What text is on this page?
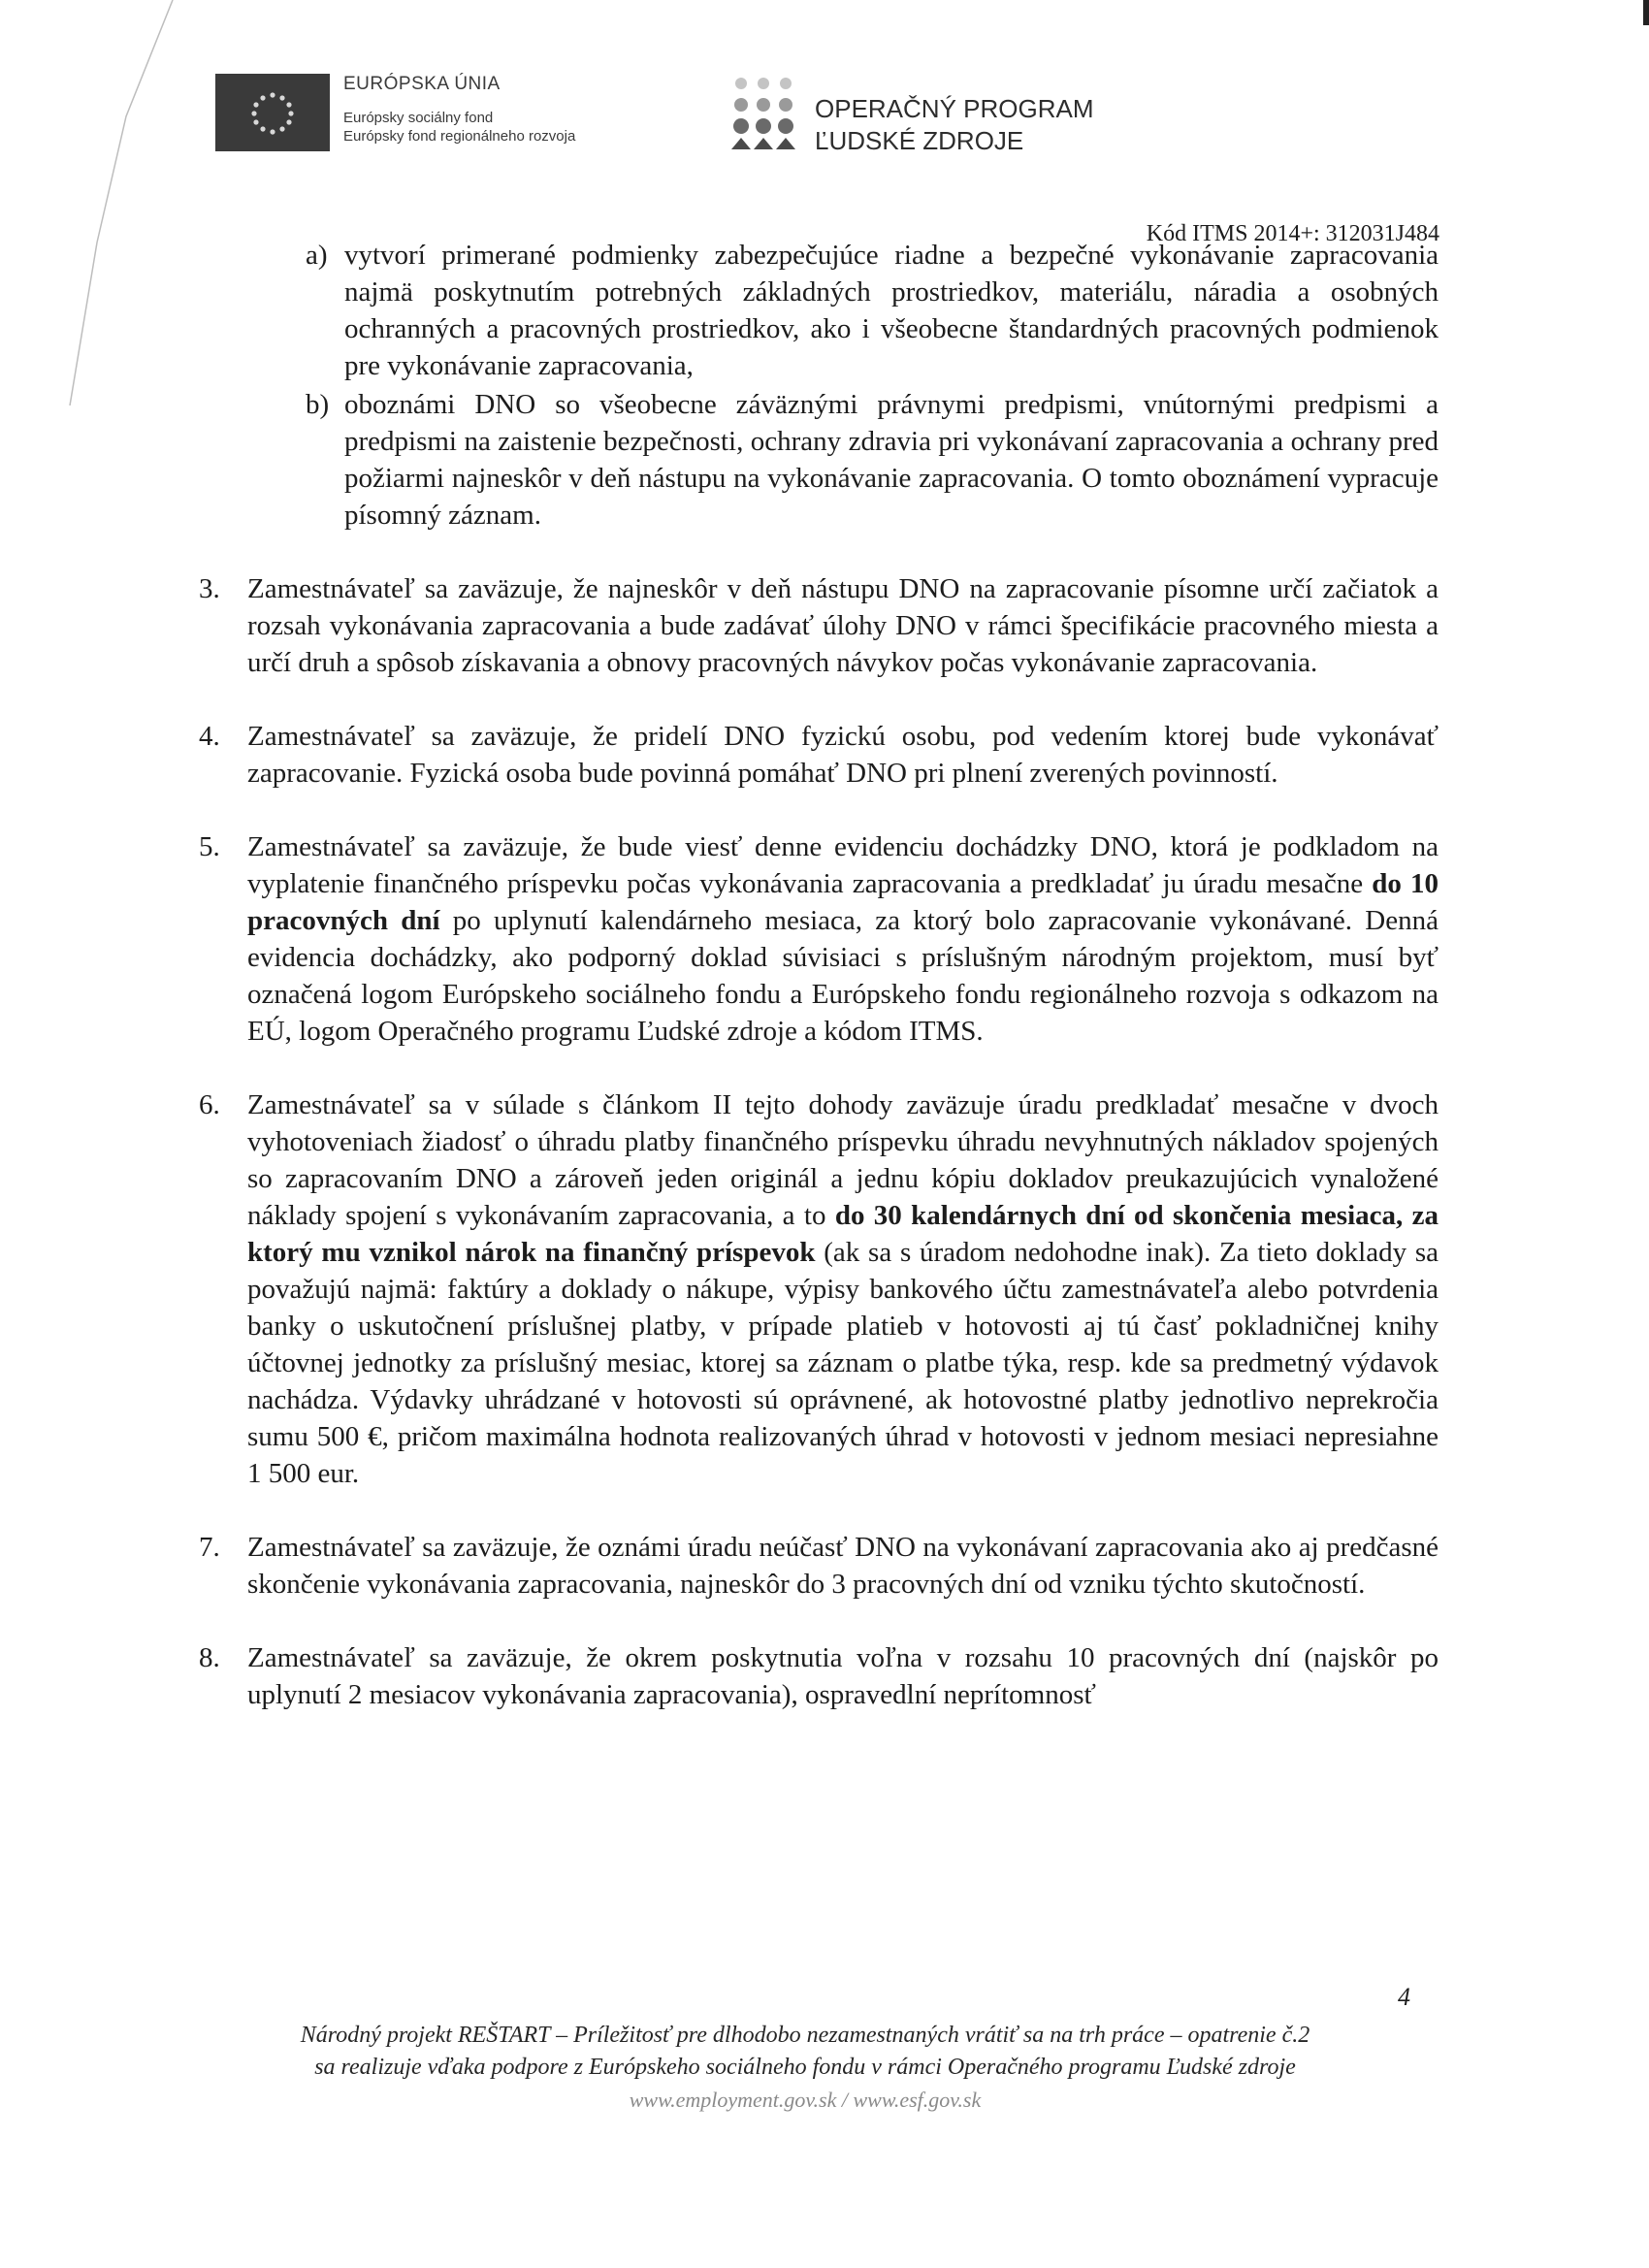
EURÓPSKA ÚNIA
Európsky sociálny fond
Európsky fond regionálneho rozvoja
OPERAČNÝ PROGRAM
ĽUDSKÉ ZDROJE
Kód ITMS 2014+: 312031J484
a) vytvorí primerané podmienky zabezpečujúce riadne a bezpečné vykonávanie zapracovania najmä poskytnutím potrebných základných prostriedkov, materiálu, náradia a osobných ochranných a pracovných prostriedkov, ako i všeobecne štandardných pracovných podmienok pre vykonávanie zapracovania,
b) oboznámi DNO so všeobecne záväznými právnymi predpismi, vnútornými predpismi a predpismi na zaistenie bezpečnosti, ochrany zdravia pri vykonávaní zapracovania a ochrany pred požiarmi najneskôr v deň nástupu na vykonávanie zapracovania. O tomto oboznámení vypracuje písomný záznam.
3. Zamestnávateľ sa zaväzuje, že najneskôr v deň nástupu DNO na zapracovanie písomne určí začiatok a rozsah vykonávania zapracovania a bude zadávať úlohy DNO v rámci špecifikácie pracovného miesta a určí druh a spôsob získavania a obnovy pracovných návykov počas vykonávanie zapracovania.
4. Zamestnávateľ sa zaväzuje, že pridelí DNO fyzickú osobu, pod vedením ktorej bude vykonávať zapracovanie. Fyzická osoba bude povinná pomáhať DNO pri plnení zverených povinností.
5. Zamestnávateľ sa zaväzuje, že bude viesť denne evidenciu dochádzky DNO, ktorá je podkladom na vyplatenie finančného príspevku počas vykonávania zapracovania a predkladať ju úradu mesačne do 10 pracovných dní po uplynutí kalendárneho mesiaca, za ktorý bolo zapracovanie vykonávané. Denná evidencia dochádzky, ako podporný doklad súvisiaci s príslušným národným projektom, musí byť označená logom Európskeho sociálneho fondu a Európskeho fondu regionálneho rozvoja s odkazom na EÚ, logom Operačného programu Ľudské zdroje a kódom ITMS.
6. Zamestnávateľ sa v súlade s článkom II tejto dohody zaväzuje úradu predkladať mesačne v dvoch vyhotoveniach žiadosť o úhradu platby finančného príspevku úhradu nevyhnutných nákladov spojených so zapracovaním DNO a zároveň jeden originál a jednu kópiu dokladov preukazujúcich vynaložené náklady spojení s vykonávaním zapracovania, a to do 30 kalendárnych dní od skončenia mesiaca, za ktorý mu vznikol nárok na finančný príspevok (ak sa s úradom nedohodne inak). Za tieto doklady sa považujú najmä: faktúry a doklady o nákupe, výpisy bankového účtu zamestnávateľa alebo potvrdenia banky o uskutočnení príslušnej platby, v prípade platieb v hotovosti aj tú časť pokladničnej knihy účtovnej jednotky za príslušný mesiac, ktorej sa záznam o platbe týka, resp. kde sa predmetný výdavok nachádza. Výdavky uhrádzané v hotovosti sú oprávnené, ak hotovostné platby jednotlivo neprekročia sumu 500 €, pričom maximálna hodnota realizovaných úhrad v hotovosti v jednom mesiaci nepresiahne 1 500 eur.
7. Zamestnávateľ sa zaväzuje, že oznámi úradu neúčasť DNO na vykonávaní zapracovania ako aj predčasné skončenie vykonávania zapracovania, najneskôr do 3 pracovných dní od vzniku týchto skutočností.
8. Zamestnávateľ sa zaväzuje, že okrem poskytnutia voľna v rozsahu 10 pracovných dní (najskôr po uplynutí 2 mesiacov vykonávania zapracovania), ospravedlní neprítomnosť
4
Národný projekt REŠTART – Príležitosť pre dlhodobo nezamestnaných vrátiť sa na trh práce – opatrenie č.2
sa realizuje vďaka podpore z Európskeho sociálneho fondu v rámci Operačného programu Ľudské zdroje
www.employment.gov.sk / www.esf.gov.sk
